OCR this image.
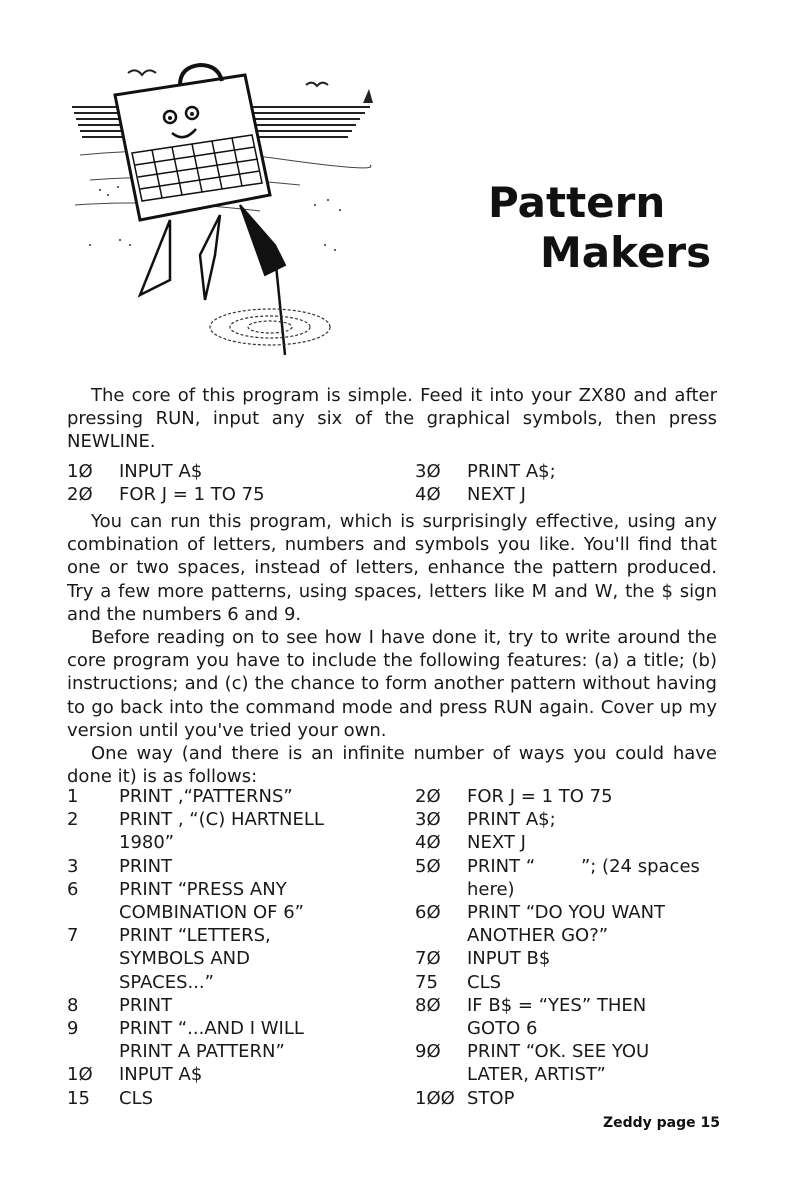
Pattern
Makers

The core of this program is simple. Feed it into your ZX80 and after pressing RUN, input any six of the graphical symbols, then press NEWLINE.

1Ø INPUT A$	3Ø PRINT A$;
2Ø FOR J = 1 TO 75	4Ø NEXT J

You can run this program, which is surprisingly effective, using any combination of letters, numbers and symbols you like. You'll find that one or two spaces, instead of letters, enhance the pattern produced. Try a few more patterns, using spaces, letters like M and W, the $ sign and the numbers 6 and 9.

Before reading on to see how I have done it, try to write around the core program you have to include the following features: (a) a title; (b) instructions; and (c) the chance to form another pattern without having to go back into the command mode and press RUN again. Cover up my version until you've tried your own.

One way (and there is an infinite number of ways you could have done it) is as follows:

1 PRINT ,“PATTERNS”
2 PRINT , “(C) HARTNELL
1980”
3 PRINT
6 PRINT “PRESS ANY
COMBINATION OF 6”
7 PRINT “LETTERS,
SYMBOLS AND
SPACES...”
8 PRINT
9 PRINT “...AND I WILL
PRINT A PATTERN”
1Ø INPUT A$
15 CLS
2Ø FOR J = 1 TO 75
3Ø PRINT A$;
4Ø NEXT J
5Ø PRINT “        ”; (24 spaces
here)
6Ø PRINT “DO YOU WANT
ANOTHER GO?”
7Ø INPUT B$
75 CLS
8Ø IF B$ = “YES” THEN
GOTO 6
9Ø PRINT “OK. SEE YOU
LATER, ARTIST”
1ØØ STOP
Zeddy page 15
